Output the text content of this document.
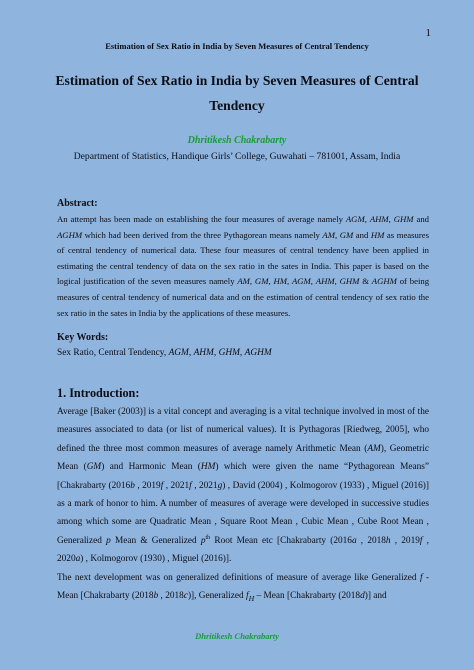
1
Estimation of Sex Ratio in India by Seven Measures of Central Tendency
Estimation of Sex Ratio in India by Seven Measures of Central Tendency
Dhritikesh Chakrabarty
Department of Statistics, Handique Girls’ College, Guwahati – 781001, Assam, India
Abstract:
An attempt has been made on establishing the four measures of average namely AGM, AHM, GHM and AGHM which had been derived from the three Pythagorean means namely AM, GM and HM as measures of central tendency of numerical data. These four measures of central tendency have been applied in estimating the central tendency of data on the sex ratio in the sates in India. This paper is based on the logical justification of the seven measures namely AM, GM, HM, AGM, AHM, GHM & AGHM of being measures of central tendency of numerical data and on the estimation of central tendency of sex ratio the sex ratio in the sates in India by the applications of these measures.
Key Words:
Sex Ratio, Central Tendency, AGM, AHM, GHM, AGHM
1. Introduction:

Average [Baker (2003)] is a vital concept and averaging is a vital technique involved in most of the measures associated to data (or list of numerical values). It is Pythagoras [Riedweg, 2005], who defined the three most common measures of average namely Arithmetic Mean (AM), Geometric Mean (GM) and Harmonic Mean (HM) which were given the name “Pythagorean Means” [Chakrabarty (2016b , 2019f , 2021f , 2021g) , David (2004) , Kolmogorov (1933) , Miguel (2016)] as a mark of honor to him. A number of measures of average were developed in successive studies among which some are Quadratic Mean , Square Root Mean , Cubic Mean , Cube Root Mean , Generalized p Mean & Generalized $p^{th}$ Root Mean etc [Chakrabarty (2016a , 2018h , 2019f , 2020a) , Kolmogorov (1930) , Miguel (2016)].

The next development was on generalized definitions of measure of average like Generalized f - Mean [Chakrabarty (2018b , 2018c)], Generalized $f_H$ – Mean [Chakrabarty (2018d)] and

Dhritikesh Chakrabarty
